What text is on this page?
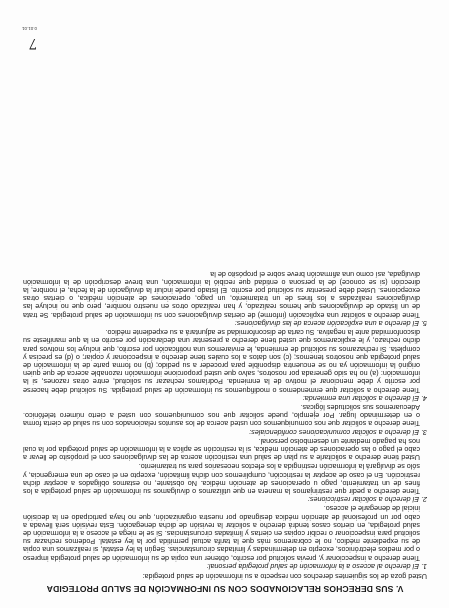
V. SUS DERECHOS RELACIONADOS CON SU INFORMACIÓN DE SALUD PROTEGIDA

Usted goza de los siguientes derechos con respecto a su información de salud protegida:

1. El derecho al acceso a la información de salud protegida personal:

Tiene derecho a inspeccionar y, previa solicitud por escrito, obtener una copia de su información de salud protegida impreso o por medios electrónicos, excepto en determinadas y limitadas circunstancias. Según la ley estatal, si realizamos una copia de su expediente médico, no le cobraremos más que la tarifa actual permitida por la ley estatal. Podemos rechazar su solicitud para inspeccionar o recibir copias en ciertas y limitadas circunstancias. Si se le niega el acceso a la información de salud protegida, en ciertos casos tendrá derecho a solicitar la revisión de dicha denegación. Esta revisión será llevada a cabo por un profesional de atención médica designado por nuestra organización, que no haya participado en la decisión inicial de denegarle el acceso.

2. El derecho a solicitar restricciones:

Tiene derecho a pedir que restrinjamos la manera en que utilizamos o divulgamos su información de salud protegida a los fines de un tratamiento, pago u operaciones de atención médica. No obstante, no estamos obligados a aceptar dicha restricción. En el caso de aceptar la restricción, cumpliremos con dicha limitación, excepto en el caso de una emergencia, y sólo se divulgará la información restringida a los efectos necesarios para su tratamiento.

Usted tiene derecho a solicitarle a su plan de salud una restricción acerca de las divulgaciones con el propósito de llevar a cabo el pago o las operaciones de atención médica, si la restricción se aplica a la información de salud protegida por la cual nos ha pagado mediante un desembolso personal.

3. El derecho a solicitar comunicaciones confidenciales:

Tiene derecho a solicitar que nos comuniquemos con usted acerca de los asuntos relacionados con su salud de cierta forma o en determinado lugar. Por ejemplo, puede solicitar que nos comuniquemos con usted a cierto número telefónico. Adecuaremos sus solicitudes lógicas.

4. El derecho a solicitar una enmienda:

Tiene derecho a solicitar que enmendemos o modifiquemos su información de salud protegida. Su solicitud debe hacerse por escrito y debe mencionar el motivo de la enmienda. Podríamos rechazar su solicitud, entre otras razones, si la información: (a) no ha sido generada por nosotros, salvo que usted proporcione información razonable acerca de que quien originó la información ya no se encuentra disponible para proceder a su pedido; (b) no forma parte de la información de salud protegida que nosotros tenemos; (c) son datos a los cuales tiene derecho a inspeccionar y copiar; o (d) es precisa y completa. Si rechazamos su solicitud de enmienda, le enviaremos una notificación por escrito, que incluye los motivos para dicho rechazo, y le explicaremos que usted tiene derecho a presentar una declaración por escrito en la que manifieste su disconformidad ante la negativa. Su carta de disconformidad se adjuntará a su expediente médico.

5. El derecho a una explicación acerca de las divulgaciones:

Tiene derecho a solicitar una explicación (informe) de ciertas divulgaciones con su información de salud protegida. Se trata de un listado de divulgaciones que hemos realizado, y han realizado otros en nuestro nombre, pero que no incluye las divulgaciones realizadas a los fines de un tratamiento, un pago, operaciones de atención médica, o ciertas otras excepciones. Usted debe presentar su solicitud por escrito. El listado puede incluir la divulgación de la fecha, el nombre, la dirección (si se conoce) de la persona o entidad que recibió la información, una breve descripción de la información divulgada, así como una afirmación breve sobre el propósito de la

7
0.01.01
